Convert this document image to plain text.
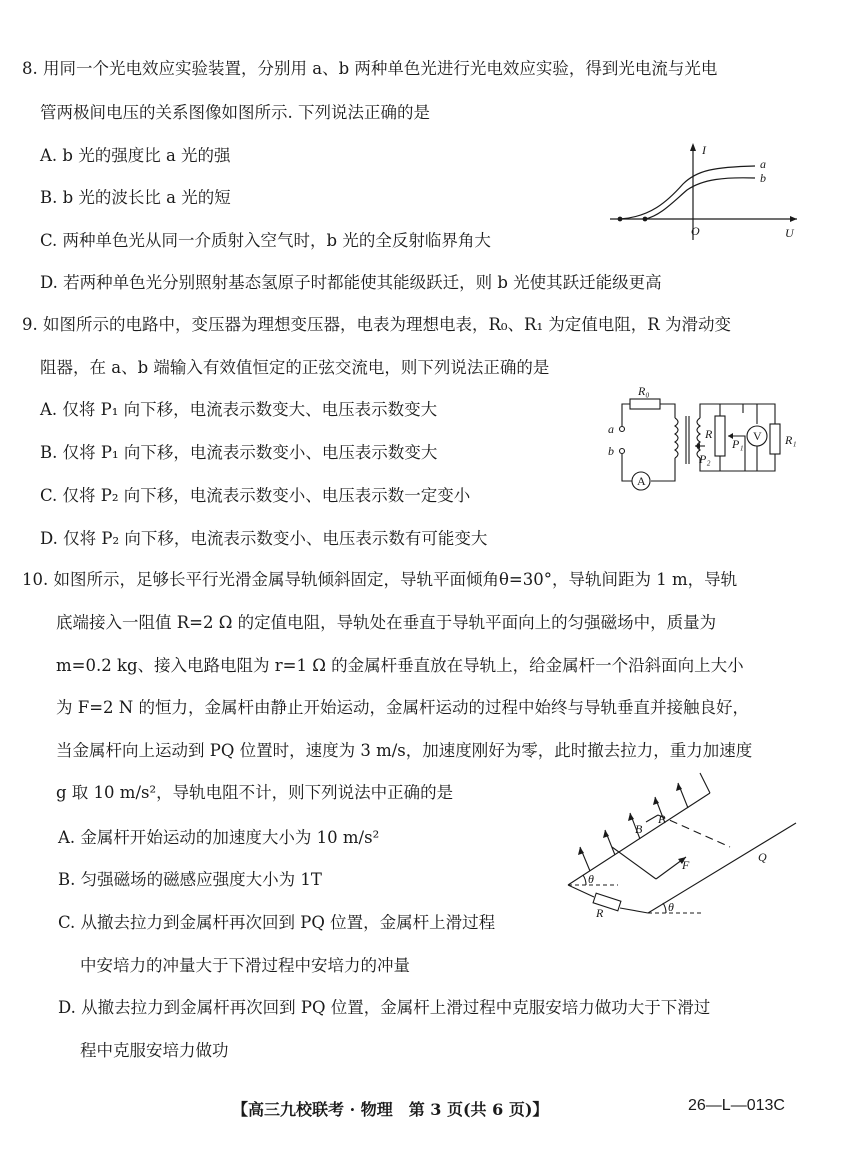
8. 用同一个光电效应实验装置，分别用 a、b 两种单色光进行光电效应实验，得到光电流与光电
管两极间电压的关系图像如图所示. 下列说法正确的是
A. b 光的强度比 a 光的强
B. b 光的波长比 a 光的短
C. 两种单色光从同一介质射入空气时，b 光的全反射临界角大
D. 若两种单色光分别照射基态氢原子时都能使其能级跃迁，则 b 光使其跃迁能级更高
I
a
b
O	U
9. 如图所示的电路中，变压器为理想变压器，电表为理想电表，R₀、R₁ 为定值电阻，R 为滑动变
阻器，在 a、b 端输入有效值恒定的正弦交流电，则下列说法正确的是
A. 仅将 P₁ 向下移，电流表示数变大、电压表示数变大
B. 仅将 P₁ 向下移，电流表示数变小、电压表示数变大
C. 仅将 P₂ 向下移，电流表示数变小、电压表示数一定变小
D. 仅将 P₂ 向下移，电流表示数变小、电压表示数有可能变大
R₀
R
P₁
V R₁
P₂
a
b
A
10. 如图所示，足够长平行光滑金属导轨倾斜固定，导轨平面倾角θ=30°，导轨间距为 1 m，导轨
底端接入一阻值 R=2 Ω 的定值电阻，导轨处在垂直于导轨平面向上的匀强磁场中，质量为
m=0.2 kg、接入电路电阻为 r=1 Ω 的金属杆垂直放在导轨上，给金属杆一个沿斜面向上大小
为 F=2 N 的恒力，金属杆由静止开始运动，金属杆运动的过程中始终与导轨垂直并接触良好，
当金属杆向上运动到 PQ 位置时，速度为 3 m/s，加速度刚好为零，此时撤去拉力，重力加速度
g 取 10 m/s²，导轨电阻不计，则下列说法中正确的是
A. 金属杆开始运动的加速度大小为 10 m/s²
B. 匀强磁场的磁感应强度大小为 1T
C. 从撤去拉力到金属杆再次回到 PQ 位置，金属杆上滑过程
中安培力的冲量大于下滑过程中安培力的冲量
D. 从撤去拉力到金属杆再次回到 PQ 位置，金属杆上滑过程中克服安培力做功大于下滑过
程中克服安培力做功
B
P
F
Q
θ
θ
R
【高三九校联考 · 物理　第 3 页(共 6 页)】	26—L—013C
